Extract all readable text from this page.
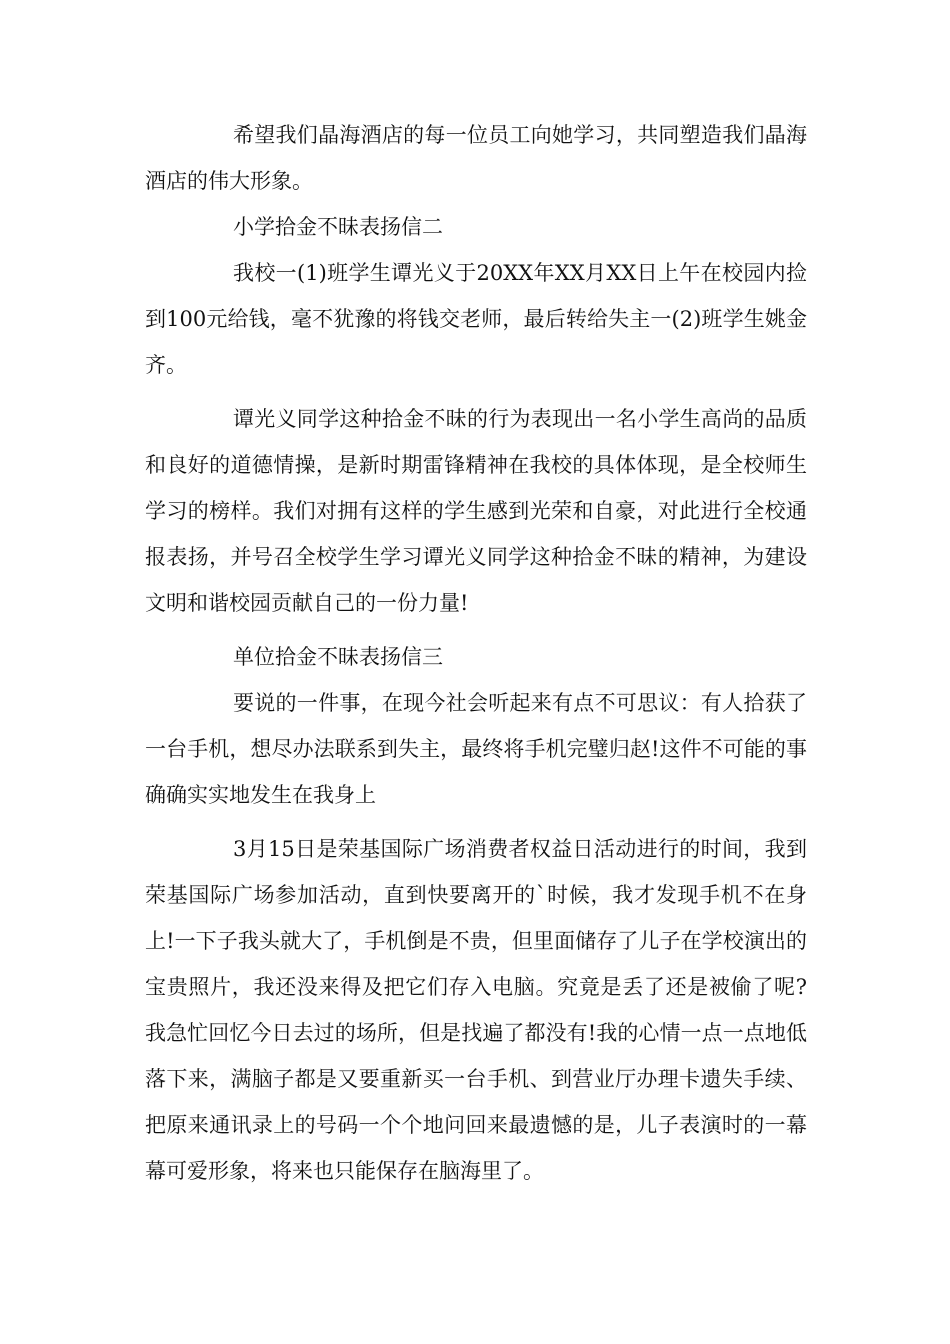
希望我们晶海酒店的每一位员工向她学习，共同塑造我们晶海酒店的伟大形象。

小学拾金不昧表扬信二

我校一(1)班学生谭光义于20XX年XX月XX日上午在校园内捡到100元给钱，毫不犹豫的将钱交老师，最后转给失主一(2)班学生姚金齐。

谭光义同学这种拾金不昧的行为表现出一名小学生高尚的品质和良好的道德情操，是新时期雷锋精神在我校的具体体现，是全校师生学习的榜样。我们对拥有这样的学生感到光荣和自豪，对此进行全校通报表扬，并号召全校学生学习谭光义同学这种拾金不昧的精神，为建设文明和谐校园贡献自己的一份力量!

单位拾金不昧表扬信三

要说的一件事，在现今社会听起来有点不可思议：有人拾获了一台手机，想尽办法联系到失主，最终将手机完璧归赵!这件不可能的事确确实实地发生在我身上

3月15日是荣基国际广场消费者权益日活动进行的时间，我到荣基国际广场参加活动，直到快要离开的`时候，我才发现手机不在身上!一下子我头就大了，手机倒是不贵，但里面储存了儿子在学校演出的宝贵照片，我还没来得及把它们存入电脑。究竟是丢了还是被偷了呢?我急忙回忆今日去过的场所，但是找遍了都没有!我的心情一点一点地低落下来，满脑子都是又要重新买一台手机、到营业厅办理卡遗失手续、把原来通讯录上的号码一个个地问回来最遗憾的是，儿子表演时的一幕幕可爱形象，将来也只能保存在脑海里了。
